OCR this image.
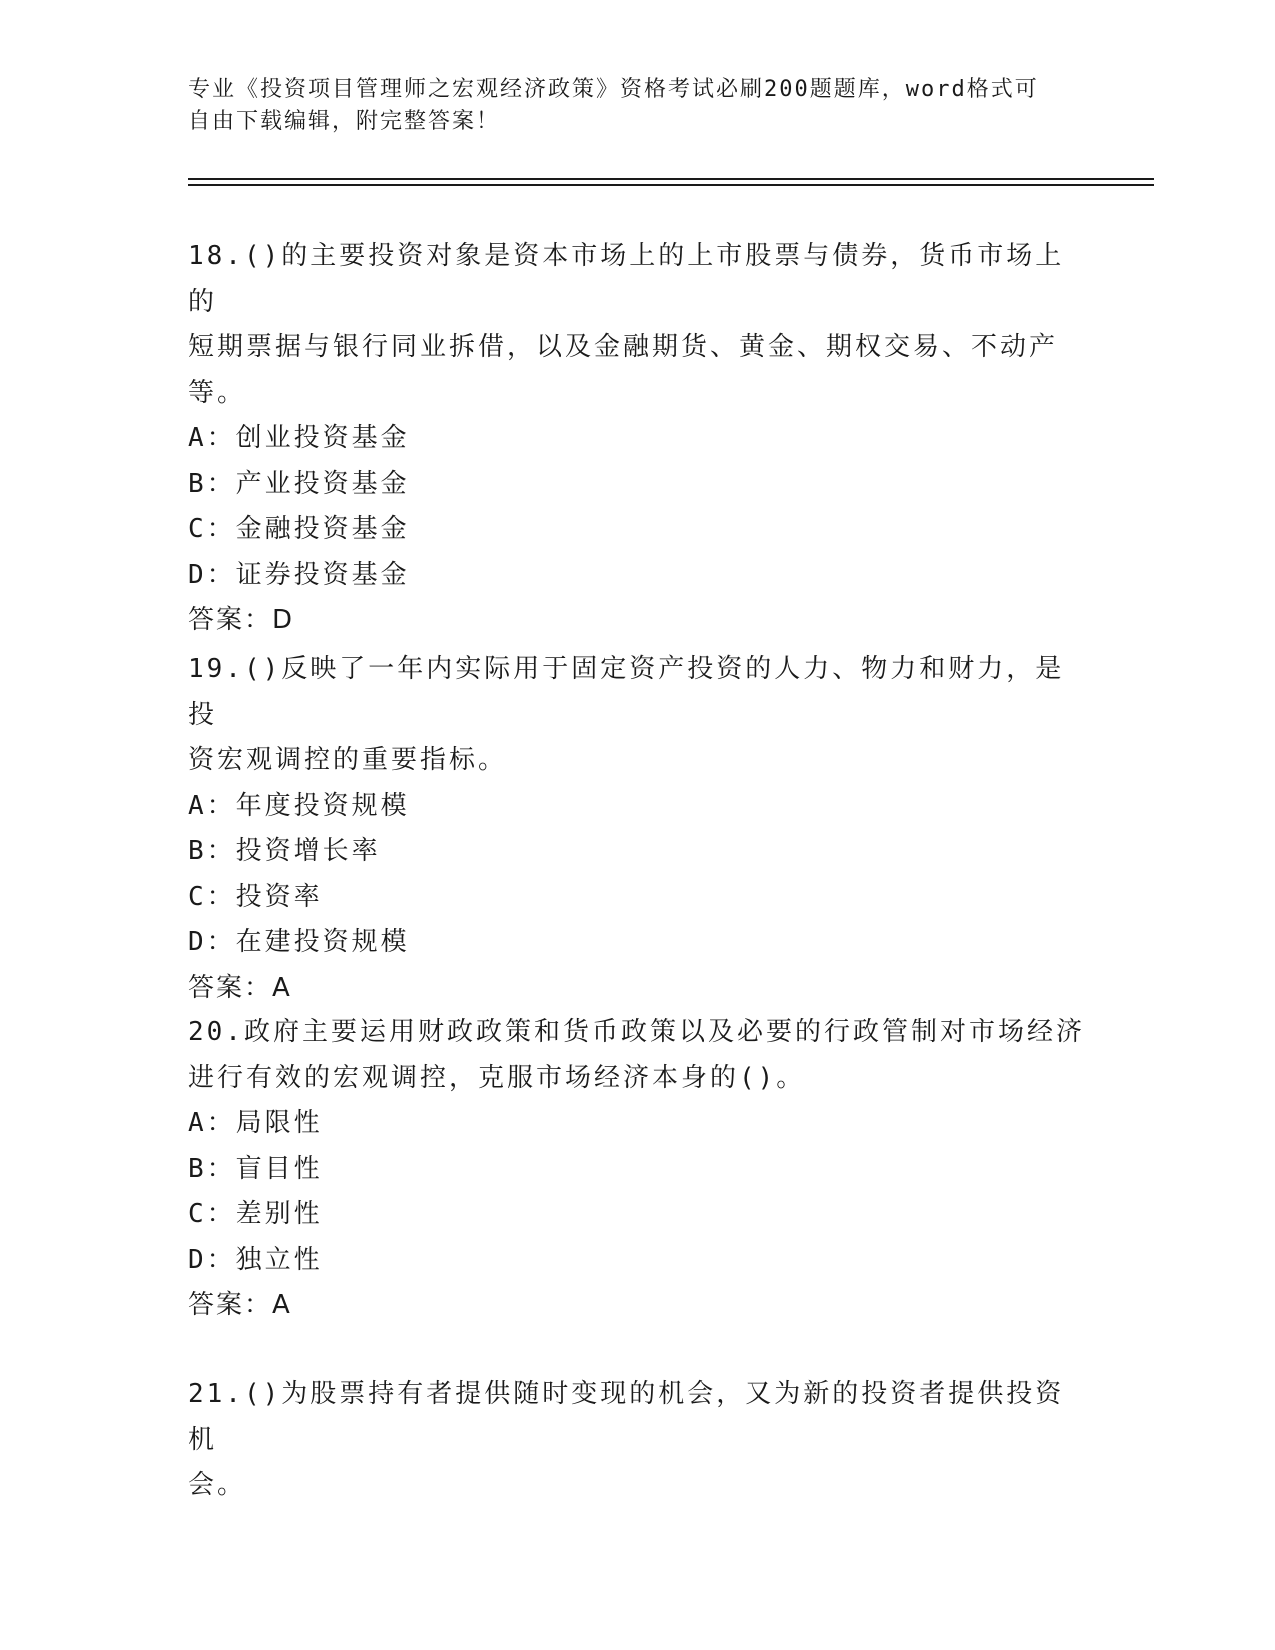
专业《投资项目管理师之宏观经济政策》资格考试必刷200题题库，word格式可
自由下载编辑，附完整答案！

18.()的主要投资对象是资本市场上的上市股票与债券，货币市场上的

短期票据与银行同业拆借，以及金融期货、黄金、期权交易、不动产

等。

A：创业投资基金

B：产业投资基金

C：金融投资基金

D：证券投资基金

答案：D

19.()反映了一年内实际用于固定资产投资的人力、物力和财力，是投

资宏观调控的重要指标。

A：年度投资规模

B：投资增长率

C：投资率

D：在建投资规模

答案：A

20.政府主要运用财政政策和货币政策以及必要的行政管制对市场经济

进行有效的宏观调控，克服市场经济本身的()。

A：局限性

B：盲目性

C：差别性

D：独立性

答案：A

21.()为股票持有者提供随时变现的机会，又为新的投资者提供投资机

会。
